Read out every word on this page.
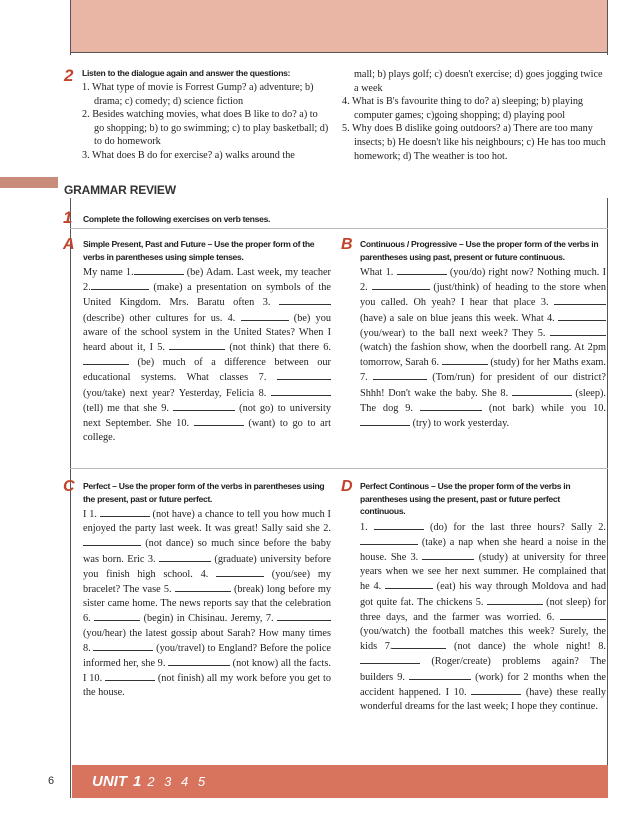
2 Listen to the dialogue again and answer the questions:
1. What type of movie is Forrest Gump? a) adventure; b) drama; c) comedy; d) science fiction
2. Besides watching movies, what does B like to do? a) to go shopping; b) to go swimming; c) to play basketball; d) to do homework
3. What does B do for exercise? a) walks around the
mall; b) plays golf; c) doesn't exercise; d) goes jogging twice a week
4. What is B's favourite thing to do? a) sleeping; b) playing computer games; c)going shopping; d) playing pool
5. Why does B dislike going outdoors? a) There are too many insects; b) He doesn't like his neighbours; c) He has too much homework; d) The weather is too hot.
GRAMMAR REVIEW
1 Complete the following exercises on verb tenses.
A Simple Present, Past and Future – Use the proper form of the verbs in parentheses using simple tenses.
My name 1.	(be) Adam. Last week, my teacher 2.	(make) a presentation on symbols of the United Kingdom. Mrs. Baratu often 3.  (describe) other cultures for us. 4.	(be) you aware of the school system in the United States? When I heard about it, I 5.	(not think) that there 6.  (be) much of a difference between our educational systems. What classes 7.  (you/take) next year? Yesterday, Felicia 8.  (tell) me that she 9.	(not go) to university next September. She 10.	(want) to go to art college.
B Continuous / Progressive – Use the proper form of the verbs in parentheses using past, present or future continuous.
What 1.	(you/do) right now? Nothing much. I 2.	(just/think) of heading to the store when you called. Oh yeah? I hear that place 3.  (have) a sale on blue jeans this week. What 4.  (you/wear) to the ball next week? They 5.  (watch) the fashion show, when the doorbell rang. At 2pm tomorrow, Sarah 6.	(study) for her Maths exam. 7.	(Tom/run) for president of our district? Shhh! Don't wake the baby. She 8.	(sleep). The dog 9.	(not bark) while you 10.  (try) to work yesterday.
C Perfect – Use the proper form of the verbs in parentheses using the present, past or future perfect.
I 1.	(not have) a chance to tell you how much I enjoyed the party last week. It was great! Sally said she 2.  (not dance) so much since before the baby was born. Eric 3.	(graduate) university before you finish high school. 4.	(you/see) my bracelet? The vase 5.	(break) long before my sister came home. The news reports say that the celebration 6.	(begin) in Chisinau. Jeremy, 7.  (you/hear) the latest gossip about Sarah? How many times 8.	(you/travel) to England? Before the police informed her, she 9.	(not know) all the facts. I 10.	(not finish) all my work before you get to the house.
D Perfect Continous – Use the proper form of the verbs in parentheses using the present, past or future perfect continuous.
1.	(do) for the last three hours? Sally 2.  (take) a nap when she heard a noise in the house. She 3.	(study) at university for three years when we see her next summer. He complained that he 4.	(eat) his way through Moldova and had got quite fat. The chickens 5.	(not sleep) for three days, and the farmer was worried. 6.  (you/watch) the football matches this week? Surely, the kids 7.	(not dance) the whole night! 8.  (Roger/create) problems again? The builders 9.	(work) for 2 months when the accident happened. I 10.	(have) these really wonderful dreams for the last week; I hope they continue.
6	UNIT 1 2 3 4 5
